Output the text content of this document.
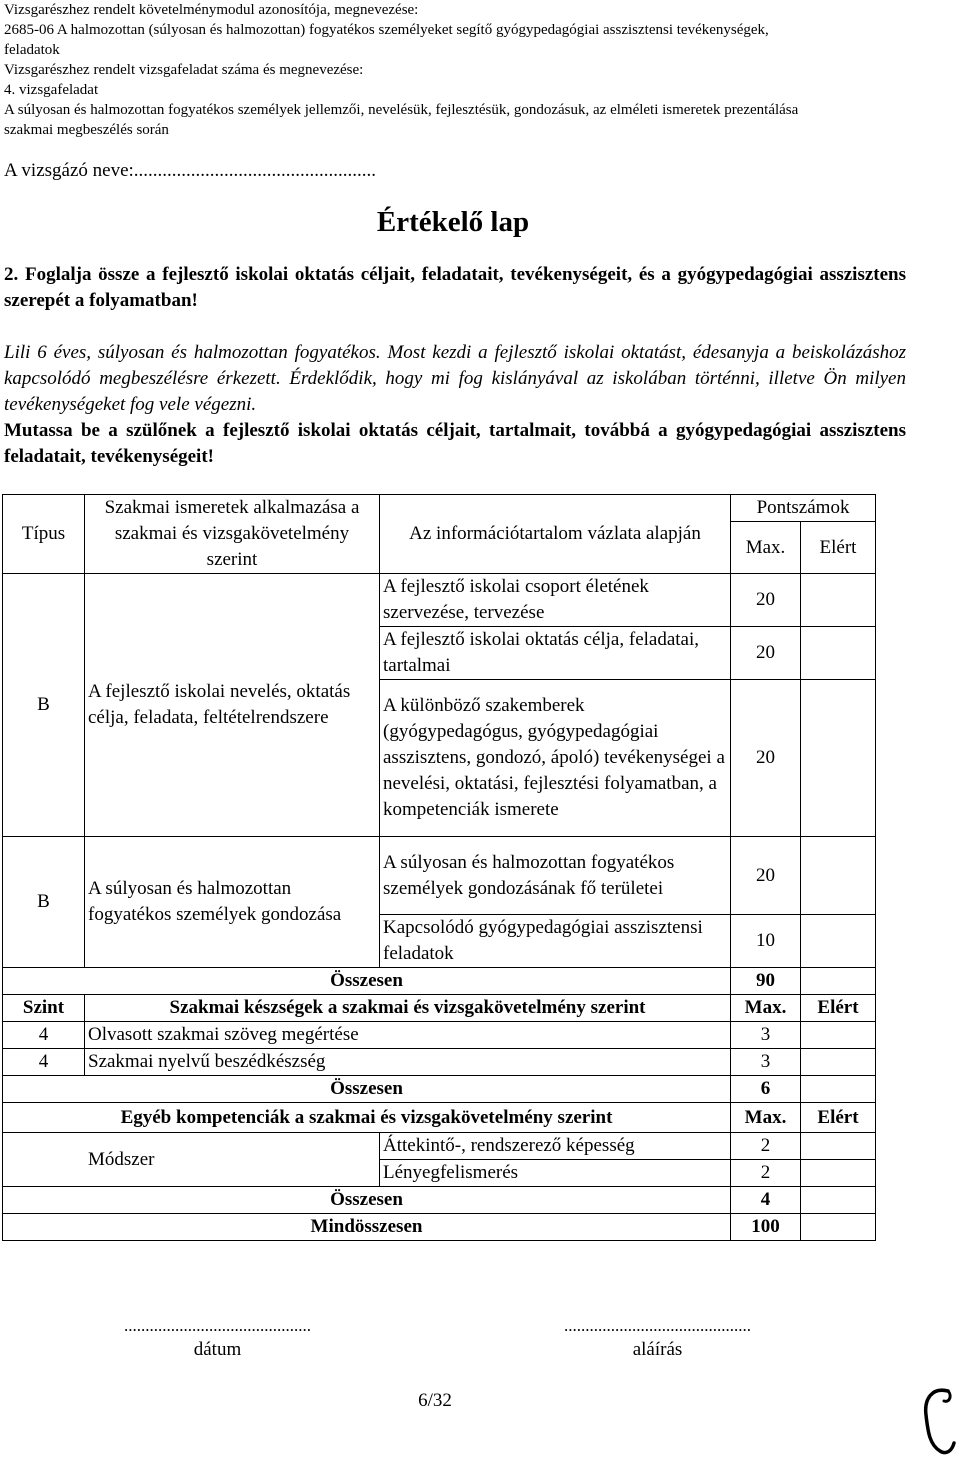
Vizsgarészhez rendelt követelménymodul azonosítója, megnevezése:
2685-06 A halmozottan (súlyosan és halmozottan) fogyatékos személyeket segítő gyógypedagógiai asszisztensi tevékenységek,
feladatok
Vizsgarészhez rendelt vizsgafeladat száma és megnevezése:
4. vizsgafeladat
A súlyosan és halmozottan fogyatékos személyek jellemzői, nevelésük, fejlesztésük, gondozásuk, az elméleti ismeretek prezentálása
szakmai megbeszélés során
A vizsgázó neve:...................................................
Értékelő lap
2. Foglalja össze a fejlesztő iskolai oktatás céljait, feladatait, tevékenységeit, és a gyógypedagógiai asszisztens szerepét a folyamatban!
Lili 6 éves, súlyosan és halmozottan fogyatékos. Most kezdi a fejlesztő iskolai oktatást, édesanyja a beiskolázáshoz kapcsolódó megbeszélésre érkezett. Érdeklődik, hogy mi fog kislányával az iskolában történni, illetve Ön milyen tevékenységeket fog vele végezni.
Mutassa be a szülőnek a fejlesztő iskolai oktatás céljait, tartalmait, továbbá a gyógypedagógiai asszisztens feladatait, tevékenységeit!
Típus	Szakmai ismeretek alkalmazása a szakmai és vizsgakövetelmény szerint	Az információtartalom vázlata alapján	Pontszámok	
			Max.	Elért
B	A fejlesztő iskolai nevelés, oktatás célja, feladata, feltételrendszere	A fejlesztő iskolai csoport életének szervezése, tervezése	20	
		A fejlesztő iskolai oktatás célja, feladatai, tartalmai	20	
		A különböző szakemberek (gyógypedagógus, gyógypedagógiai asszisztens, gondozó, ápoló) tevékenységei a nevelési, oktatási, fejlesztési folyamatban, a kompetenciák ismerete	20	
B	A súlyosan és halmozottan fogyatékos személyek gondozása	A súlyosan és halmozottan fogyatékos személyek gondozásának fő területei	20	
		Kapcsolódó gyógypedagógiai asszisztensi feladatok	10	
Összesen			90	
Szint	Szakmai készségek a szakmai és vizsgakövetelmény szerint		Max.	Elért
4	Olvasott szakmai szöveg megértése		3	
4	Szakmai nyelvű beszédkészség		3	
Összesen			6	
Egyéb kompetenciák a szakmai és vizsgakövetelmény szerint			Max.	Elért
Módszer		Áttekintő-, rendszerező képesség	2	
		Lényegfelismerés	2	
Összesen			4	
Mindösszesen			100	
............................................
dátum
............................................
aláírás
6/32
